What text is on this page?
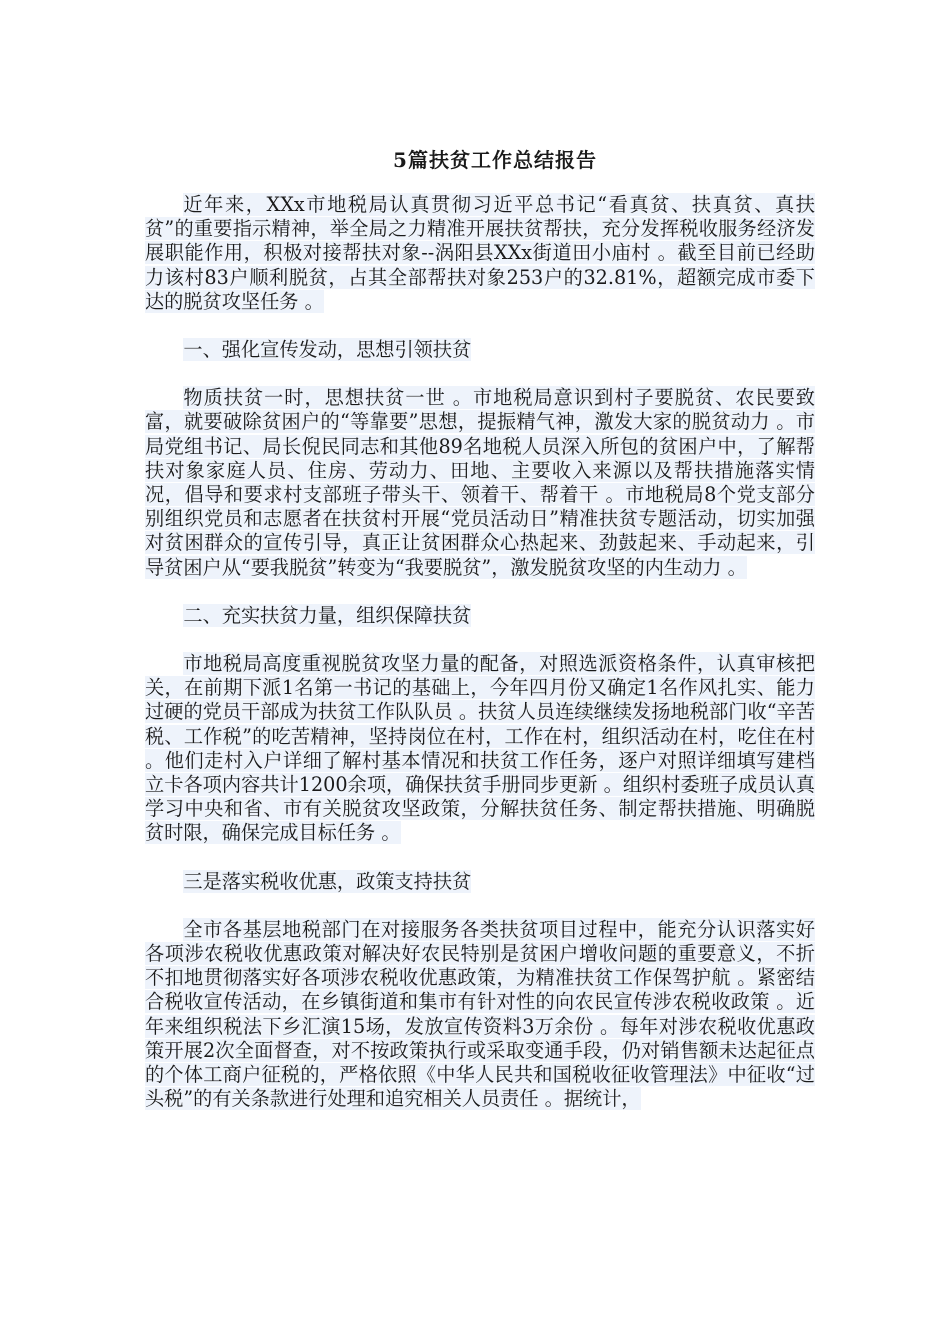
5篇扶贫工作总结报告

近年来，XXx市地税局认真贯彻习近平总书记“看真贫、扶真贫、真扶贫”的重要指示精神，举全局之力精准开展扶贫帮扶，充分发挥税收服务经济发展职能作用，积极对接帮扶对象--涡阳县XXx街道田小庙村 。截至目前已经助力该村83户顺利脱贫，占其全部帮扶对象253户的32.81%，超额完成市委下达的脱贫攻坚任务 。

一、强化宣传发动，思想引领扶贫

物质扶贫一时，思想扶贫一世 。市地税局意识到村子要脱贫、农民要致富，就要破除贫困户的“等靠要”思想，提振精气神，激发大家的脱贫动力 。市局党组书记、局长倪民同志和其他89名地税人员深入所包的贫困户中，了解帮扶对象家庭人员、住房、劳动力、田地、主要收入来源以及帮扶措施落实情况，倡导和要求村支部班子带头干、领着干、帮着干 。市地税局8个党支部分别组织党员和志愿者在扶贫村开展“党员活动日”精准扶贫专题活动，切实加强对贫困群众的宣传引导，真正让贫困群众心热起来、劲鼓起来、手动起来，引导贫困户从“要我脱贫”转变为“我要脱贫”，激发脱贫攻坚的内生动力 。

二、充实扶贫力量，组织保障扶贫

市地税局高度重视脱贫攻坚力量的配备，对照选派资格条件，认真审核把关，在前期下派1名第一书记的基础上，今年四月份又确定1名作风扎实、能力过硬的党员干部成为扶贫工作队队员 。扶贫人员连续继续发扬地税部门收“辛苦税、工作税”的吃苦精神，坚持岗位在村，工作在村，组织活动在村，吃住在村 。他们走村入户详细了解村基本情况和扶贫工作任务，逐户对照详细填写建档立卡各项内容共计1200余项，确保扶贫手册同步更新 。组织村委班子成员认真学习中央和省、市有关脱贫攻坚政策，分解扶贫任务、制定帮扶措施、明确脱贫时限，确保完成目标任务 。

三是落实税收优惠，政策支持扶贫

全市各基层地税部门在对接服务各类扶贫项目过程中，能充分认识落实好各项涉农税收优惠政策对解决好农民特别是贫困户增收问题的重要意义，不折不扣地贯彻落实好各项涉农税收优惠政策，为精准扶贫工作保驾护航 。紧密结合税收宣传活动，在乡镇街道和集市有针对性的向农民宣传涉农税收政策 。近年来组织税法下乡汇演15场，发放宣传资料3万余份 。每年对涉农税收优惠政策开展2次全面督查，对不按政策执行或采取变通手段，仍对销售额未达起征点的个体工商户征税的，严格依照《中华人民共和国税收征收管理法》中征收“过头税”的有关条款进行处理和追究相关人员责任 。据统计，
